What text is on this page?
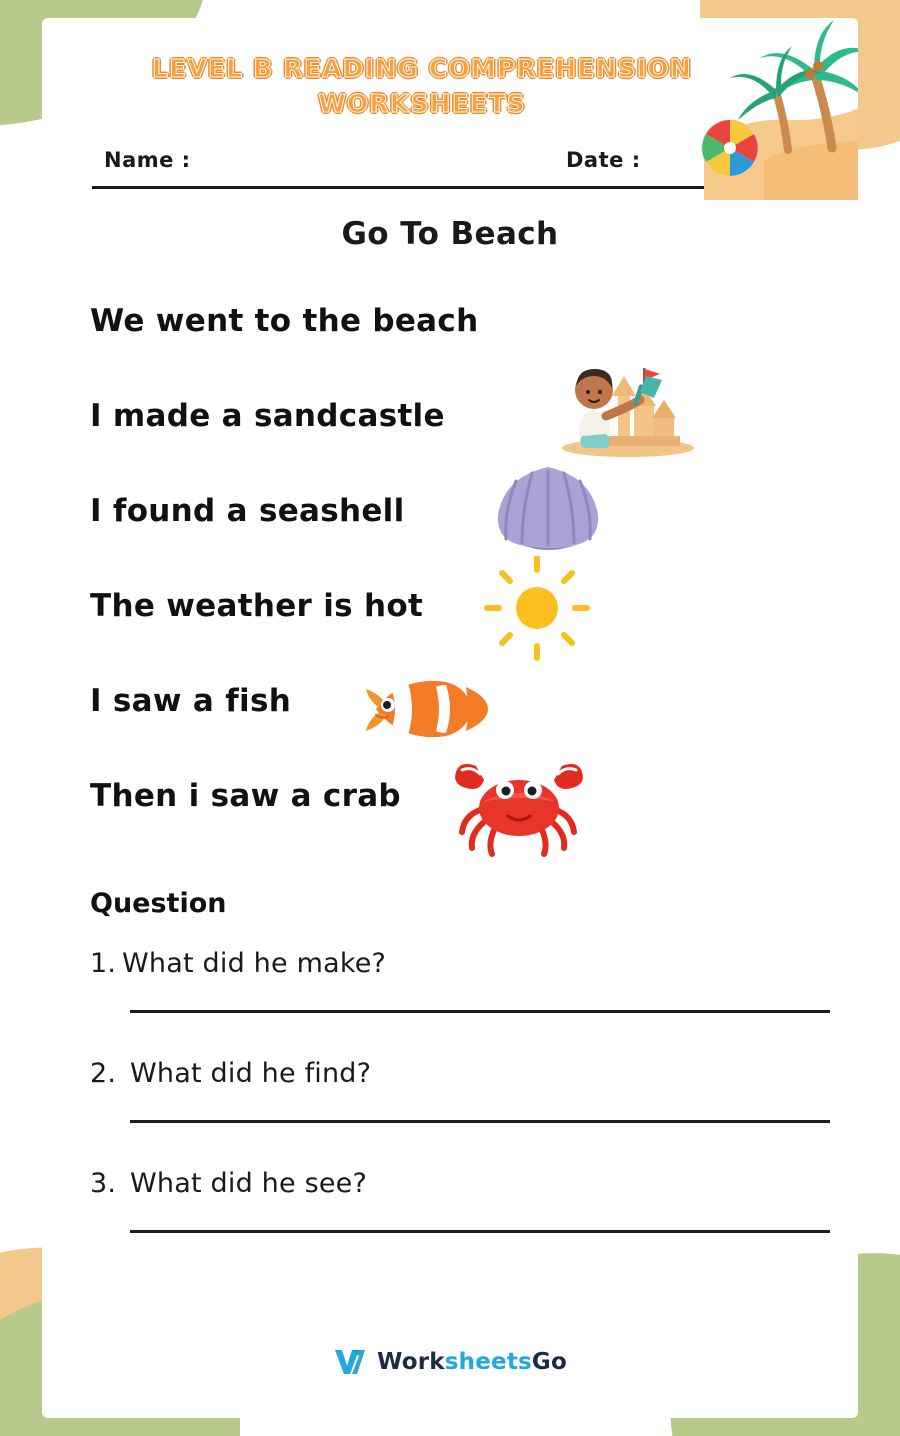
LEVEL B READING COMPREHENSION WORKSHEETS
Name :	Date :
Go To Beach
We went to the beach
I made a sandcastle
I found a seashell
The weather is hot
I saw a fish
Then i saw a crab
Question
1. What did he make?
2. What did he find?
3. What did he see?
WorksheetsGo
